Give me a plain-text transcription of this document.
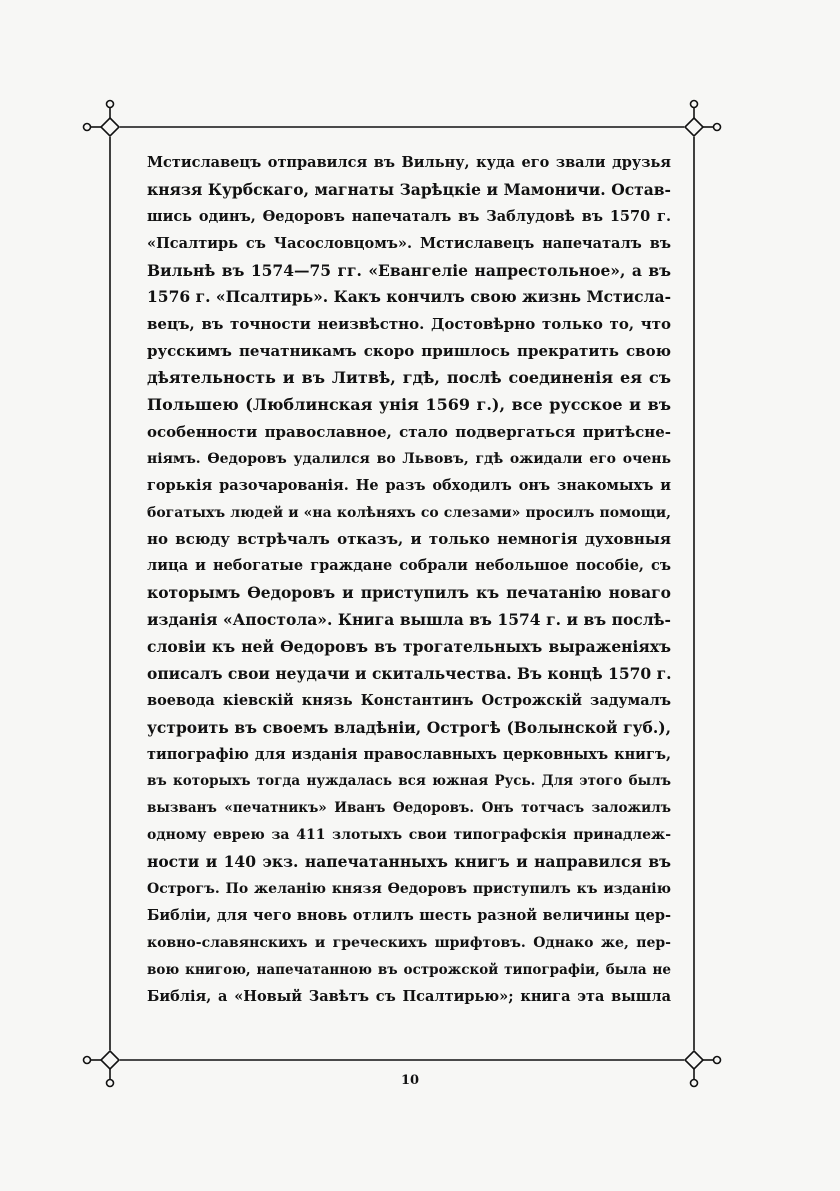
Мстиславецъ отправился въ Вильну, куда его звали друзья
князя Курбскаго, магнаты Зарѣцкіе и Мамоничи. Остав-
шись одинъ, Өедоровъ напечаталъ въ Заблудовѣ въ 1570 г.
«Псалтирь съ Часословцомъ». Мстиславецъ напечаталъ въ
Вильнѣ въ 1574—75 гг. «Евангеліе напрестольное», а въ
1576 г. «Псалтирь». Какъ кончилъ свою жизнь Мстисла-
вецъ, въ точности неизвѣстно. Достовѣрно только то, что
русскимъ печатникамъ скоро пришлось прекратить свою
дѣятельность и въ Литвѣ, гдѣ, послѣ соединенія ея съ
Польшею (Люблинская унія 1569 г.), все русское и въ
особенности православное, стало подвергаться притѣсне-
ніямъ. Өедоровъ удалился во Львовъ, гдѣ ожидали его очень
горькія разочарованія. Не разъ обходилъ онъ знакомыхъ и
богатыхъ людей и «на колѣняхъ со слезами» просилъ помощи,
но всюду встрѣчалъ отказъ, и только немногія духовныя
лица и небогатые граждане собрали небольшое пособіе, съ
которымъ Өедоровъ и приступилъ къ печатанію новаго
изданія «Апостола». Книга вышла въ 1574 г. и въ послѣ-
словіи къ ней Өедоровъ въ трогательныхъ выраженіяхъ
описалъ свои неудачи и скитальчества. Въ концѣ 1570 г.
воевода кіевскій князь Константинъ Острожскій задумалъ
устроить въ своемъ владѣніи, Острогѣ (Волынской губ.),
типографію для изданія православныхъ церковныхъ книгъ,
въ которыхъ тогда нуждалась вся южная Русь. Для этого былъ
вызванъ «печатникъ» Иванъ Өедоровъ. Онъ тотчасъ заложилъ
одному еврею за 411 злотыхъ свои типографскія принадлеж-
ности и 140 экз. напечатанныхъ книгъ и направился въ
Острогъ. По желанію князя Өедоровъ приступилъ къ изданію
Библіи, для чего вновь отлилъ шесть разной величины цер-
ковно-славянскихъ и греческихъ шрифтовъ. Однако же, пер-
вою книгою, напечатанною въ острожской типографіи, была не
Библія, а «Новый Завѣтъ съ Псалтирью»; книга эта вышла
10
